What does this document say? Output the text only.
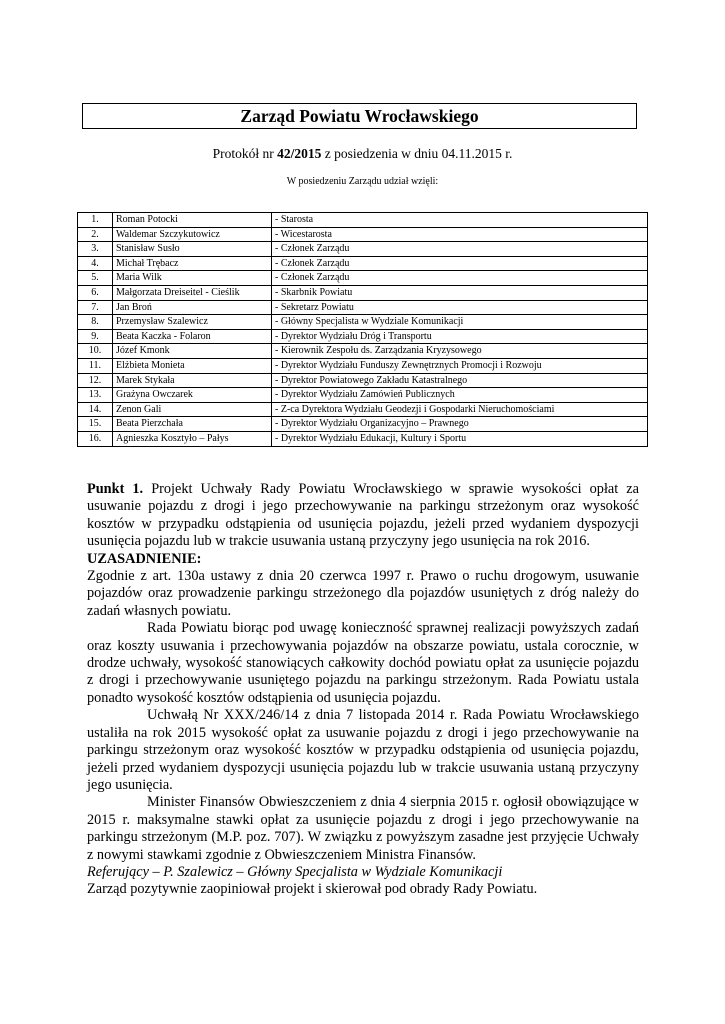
Zarząd Powiatu Wrocławskiego
Protokół nr 42/2015 z posiedzenia w dniu 04.11.2015 r.
W posiedzeniu Zarządu udział wzięli:
1.	Roman Potocki	- Starosta
2.	Waldemar Szczykutowicz	- Wicestarosta
3.	Stanisław Susło	- Członek Zarządu
4.	Michał Trębacz	- Członek Zarządu
5.	Maria Wilk	- Członek Zarządu
6.	Małgorzata Dreiseitel - Cieślik	- Skarbnik Powiatu
7.	Jan Broń	- Sekretarz Powiatu
8.	Przemysław Szalewicz	- Główny Specjalista w Wydziale Komunikacji
9.	Beata Kaczka - Folaron	- Dyrektor Wydziału Dróg i Transportu
10.	Józef Kmonk	- Kierownik Zespołu ds. Zarządzania Kryzysowego
11.	Elżbieta Monieta	- Dyrektor Wydziału Funduszy Zewnętrznych Promocji i Rozwoju
12.	Marek Stykała	- Dyrektor Powiatowego Zakładu Katastralnego
13.	Grażyna Owczarek	- Dyrektor Wydziału Zamówień Publicznych
14.	Zenon Gali	- Z-ca Dyrektora Wydziału Geodezji i Gospodarki Nieruchomościami
15.	Beata Pierzchała	- Dyrektor Wydziału Organizacyjno – Prawnego
16.	Agnieszka Kosztyło – Pałys	- Dyrektor Wydziału Edukacji, Kultury i Sportu

Punkt 1. Projekt Uchwały Rady Powiatu Wrocławskiego w sprawie wysokości opłat za usuwanie pojazdu z drogi i jego przechowywanie na parkingu strzeżonym oraz wysokość kosztów w przypadku odstąpienia od usunięcia pojazdu, jeżeli przed wydaniem dyspozycji usunięcia pojazdu lub w trakcie usuwania ustaną przyczyny jego usunięcia na rok 2016.

UZASADNIENIE:

Zgodnie z art. 130a ustawy z dnia 20 czerwca 1997 r. Prawo o ruchu drogowym, usuwanie pojazdów oraz prowadzenie parkingu strzeżonego dla pojazdów usuniętych z dróg należy do zadań własnych powiatu.

Rada Powiatu biorąc pod uwagę konieczność sprawnej realizacji powyższych zadań oraz koszty usuwania i przechowywania pojazdów na obszarze powiatu, ustala corocznie, w drodze uchwały, wysokość stanowiących całkowity dochód powiatu opłat za usunięcie pojazdu z drogi i przechowywanie usuniętego pojazdu na parkingu strzeżonym. Rada Powiatu ustala ponadto wysokość kosztów odstąpienia od usunięcia pojazdu.

Uchwałą Nr XXX/246/14 z dnia 7 listopada 2014 r. Rada Powiatu Wrocławskiego ustaliła na rok 2015 wysokość opłat za usuwanie pojazdu z drogi i jego przechowywanie na parkingu strzeżonym oraz wysokość kosztów w przypadku odstąpienia od usunięcia pojazdu, jeżeli przed wydaniem dyspozycji usunięcia pojazdu lub w trakcie usuwania ustaną przyczyny jego usunięcia.

Minister Finansów Obwieszczeniem z dnia 4 sierpnia 2015 r. ogłosił obowiązujące w 2015 r. maksymalne stawki opłat za usunięcie pojazdu z drogi i jego przechowywanie na parkingu strzeżonym (M.P. poz. 707). W związku z powyższym zasadne jest przyjęcie Uchwały z nowymi stawkami zgodnie z Obwieszczeniem Ministra Finansów.

Referujący – P. Szalewicz – Główny Specjalista w Wydziale Komunikacji

Zarząd pozytywnie zaopiniował projekt i skierował pod obrady Rady Powiatu.
